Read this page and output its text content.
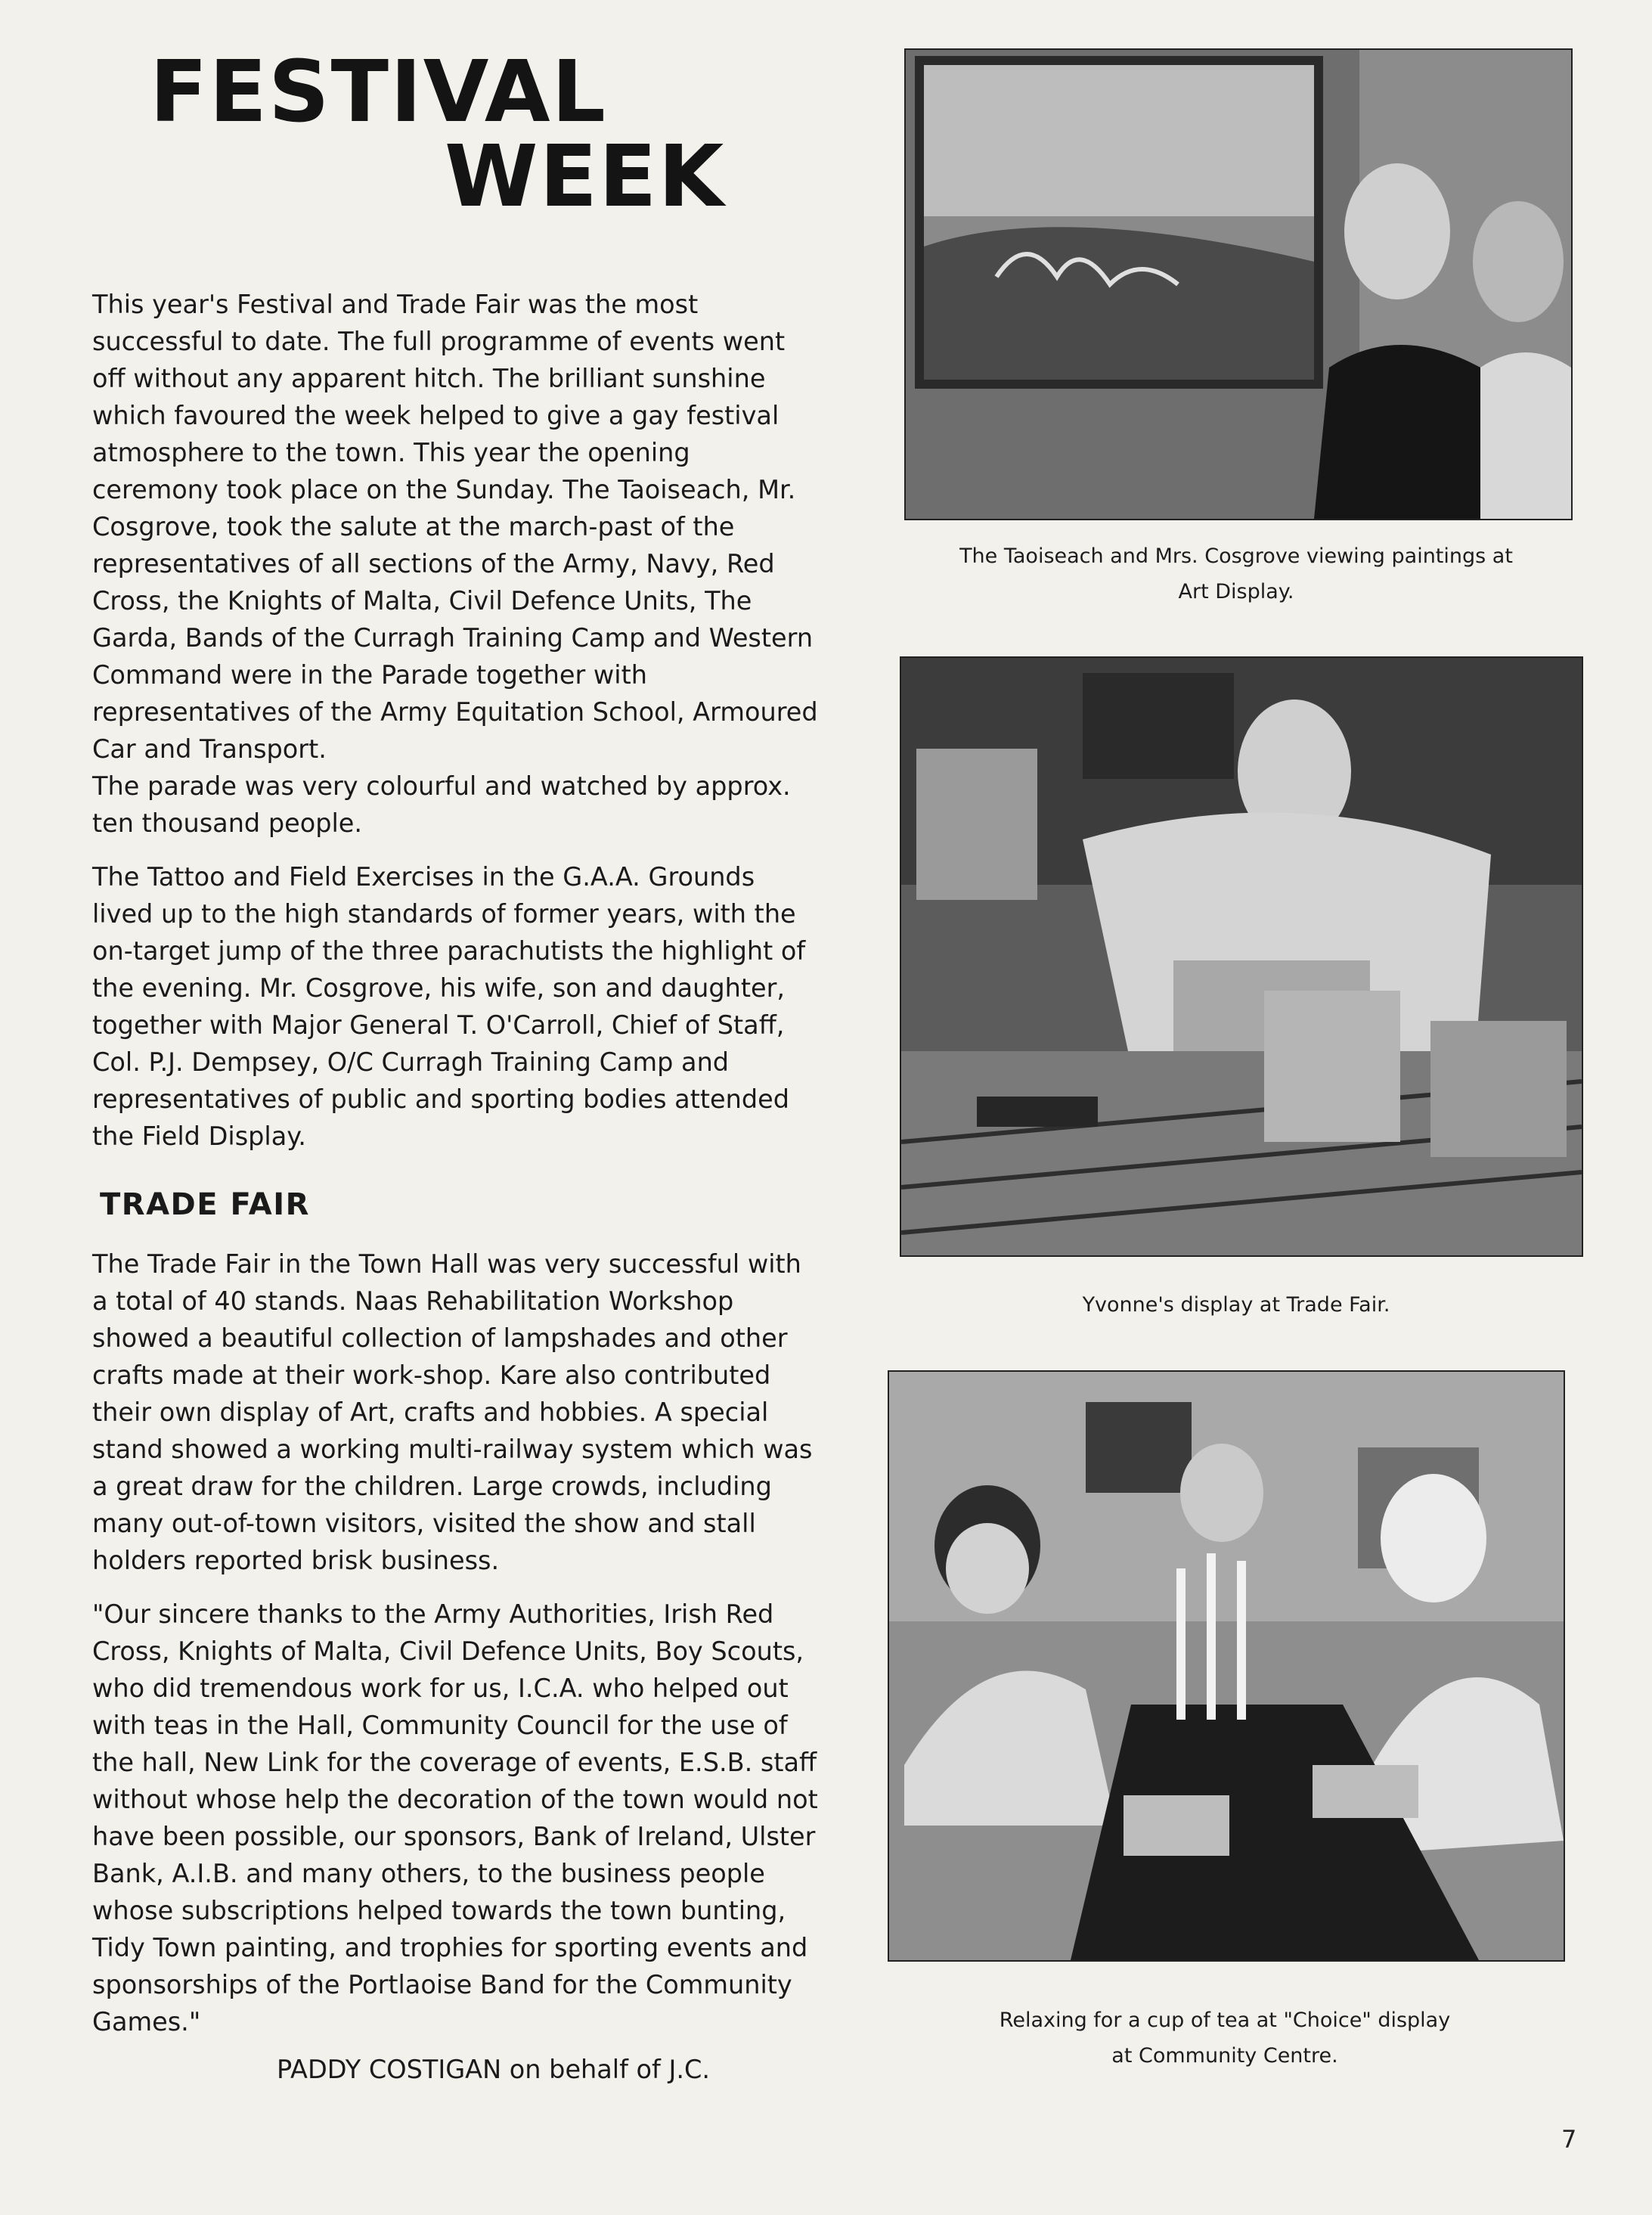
FESTIVAL
WEEK

This year's Festival and Trade Fair was the most successful to date. The full programme of events went off without any apparent hitch. The brilliant sunshine which favoured the week helped to give a gay festival atmosphere to the town. This year the opening ceremony took place on the Sunday. The Taoiseach, Mr. Cosgrove, took the salute at the march-past of the representatives of all sections of the Army, Navy, Red Cross, the Knights of Malta, Civil Defence Units, The Garda, Bands of the Curragh Training Camp and Western Command were in the Parade together with representatives of the Army Equitation School, Armoured Car and Transport.

The parade was very colourful and watched by approx. ten thousand people.

The Tattoo and Field Exercises in the G.A.A. Grounds lived up to the high standards of former years, with the on-target jump of the three parachutists the highlight of the evening. Mr. Cosgrove, his wife, son and daughter, together with Major General T. O'Carroll, Chief of Staff, Col. P.J. Dempsey, O/C Curragh Training Camp and representatives of public and sporting bodies attended the Field Display.

TRADE FAIR

The Trade Fair in the Town Hall was very successful with a total of 40 stands. Naas Rehabilitation Workshop showed a beautiful collection of lampshades and other crafts made at their work-shop. Kare also contributed their own display of Art, crafts and hobbies. A special stand showed a working multi-railway system which was a great draw for the children. Large crowds, including many out-of-town visitors, visited the show and stall holders reported brisk business.

"Our sincere thanks to the Army Authorities, Irish Red Cross, Knights of Malta, Civil Defence Units, Boy Scouts, who did tremendous work for us, I.C.A. who helped out with teas in the Hall, Community Council for the use of the hall, New Link for the coverage of events, E.S.B. staff without whose help the decoration of the town would not have been possible, our sponsors, Bank of Ireland, Ulster Bank, A.I.B. and many others, to the business people whose subscriptions helped towards the town bunting, Tidy Town painting, and trophies for sporting events and sponsorships of the Portlaoise Band for the Community Games."

PADDY COSTIGAN on behalf of J.C.
The Taoiseach and Mrs. Cosgrove viewing paintings at
Art Display.
Yvonne's display at Trade Fair.
Relaxing for a cup of tea at "Choice" display
at Community Centre.
7
